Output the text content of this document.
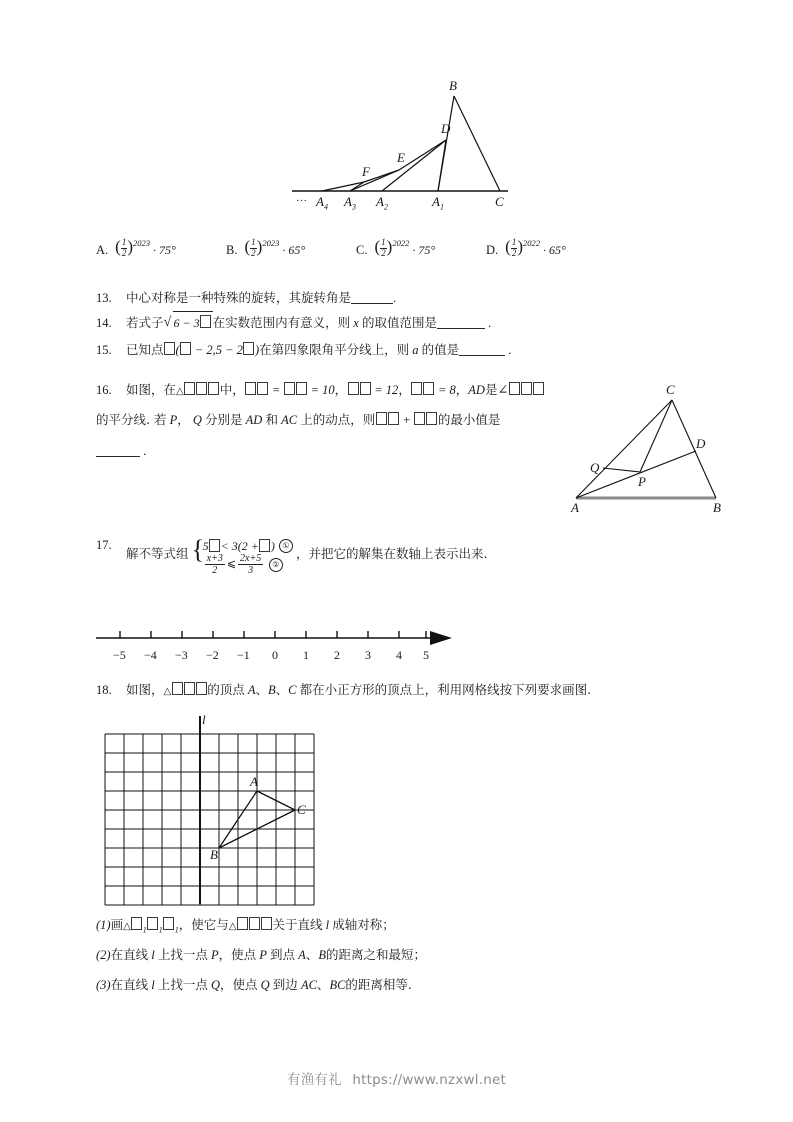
B
D
E
F
C
$A_1$
$A_2$
$A_3$
$A_4$
···
A. ( $\frac{1}{2} )^{2023}$
· 75°	B. ( $\frac{1}{2} )^{2023}$
· 65°	C. ( $\frac{1}{2} )^{2022}$
· 75°	D. ( $\frac{1}{2} )^{2022}$
· 65°
13.	中心对称是一种特殊的旋转，其旋转角是	.
14.	若式子 √ 6 − 3 在实数范围内有意义，则 x 的取值范围是	.
15.	已知点 ( − 2,5 − 2 )在第四象限角平分线上，则 a 的值是	.
16.	如图，在△	中， =  = 10， = 12， = 8，AD是∠
的平分线. 若 P， Q 分别是 AD 和 AC 上的动点，则 + 的最小值是
.
C
D
Q
P
A	B
17.
解不等式组 {
5 < 3(2 + ) ①
$\frac{x+3}{2}$ ⩽ $\frac{2x+5}{3}$	②
，并把它的解集在数轴上表示出来.
−5 −4 −3 −2 −1 0 1 2 3 4 5
18.	如图，△	的顶点 A、B、C 都在小正方形的顶点上，利用网格线按下列要求画图.
l
A
B
C
(1)画△ $_1$ $_1$ $_1$，使它与△	关于直线 l 成轴对称；
(2)在直线 l 上找一点 P，使点 P 到点 A、B的距离之和最短；
(3)在直线 l 上找一点 Q，使点 Q 到边 AC、BC的距离相等.
有渔有礼 https://www.nzxwl.net
